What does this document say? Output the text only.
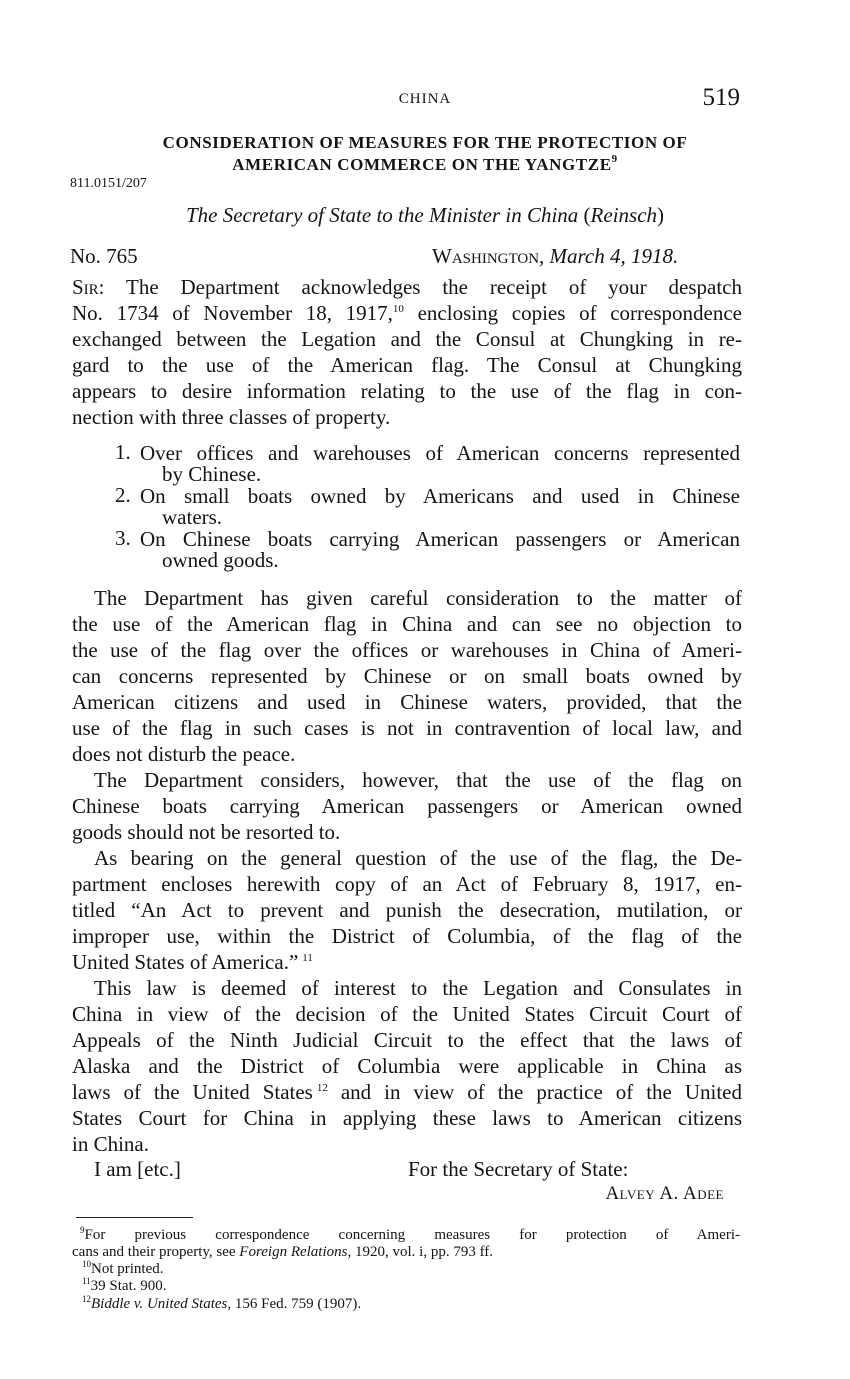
CHINA	519
CONSIDERATION OF MEASURES FOR THE PROTECTION OF
AMERICAN COMMERCE ON THE YANGTZE$^9$
811.0151/207
The Secretary of State to the Minister in China (Reinsch)
No. 765	Washington, March 4, 1918.
Sir: The Department acknowledges the receipt of your despatch
No. 1734 of November 18, 1917,10 enclosing copies of correspondence
exchanged between the Legation and the Consul at Chungking in re-
gard to the use of the American flag. The Consul at Chungking
appears to desire information relating to the use of the flag in con-
nection with three classes of property.
1. Over offices and warehouses of American concerns represented
by Chinese.
2. On small boats owned by Americans and used in Chinese
waters.
3. On Chinese boats carrying American passengers or American
owned goods.
The Department has given careful consideration to the matter of
the use of the American flag in China and can see no objection to
the use of the flag over the offices or warehouses in China of Ameri-
can concerns represented by Chinese or on small boats owned by
American citizens and used in Chinese waters, provided, that the
use of the flag in such cases is not in contravention of local law, and
does not disturb the peace.
The Department considers, however, that the use of the flag on
Chinese boats carrying American passengers or American owned
goods should not be resorted to.
As bearing on the general question of the use of the flag, the De-
partment encloses herewith copy of an Act of February 8, 1917, en-
titled “An Act to prevent and punish the desecration, mutilation, or
improper use, within the District of Columbia, of the flag of the
United States of America.” $^{11}$
This law is deemed of interest to the Legation and Consulates in
China in view of the decision of the United States Circuit Court of
Appeals of the Ninth Judicial Circuit to the effect that the laws of
Alaska and the District of Columbia were applicable in China as
laws of the United States $^{12}$ and in view of the practice of the United
States Court for China in applying these laws to American citizens
in China.
I am [etc.]	For the Secretary of State:
Alvey A. Adee
$^9$For previous correspondence concerning measures for protection of Ameri-
cans and their property, see Foreign Relations, 1920, vol. i, pp. 793 ff.
$^{10}$Not printed.
$^{11}$39 Stat. 900.
$^{12}$Biddle v. United States, 156 Fed. 759 (1907).
